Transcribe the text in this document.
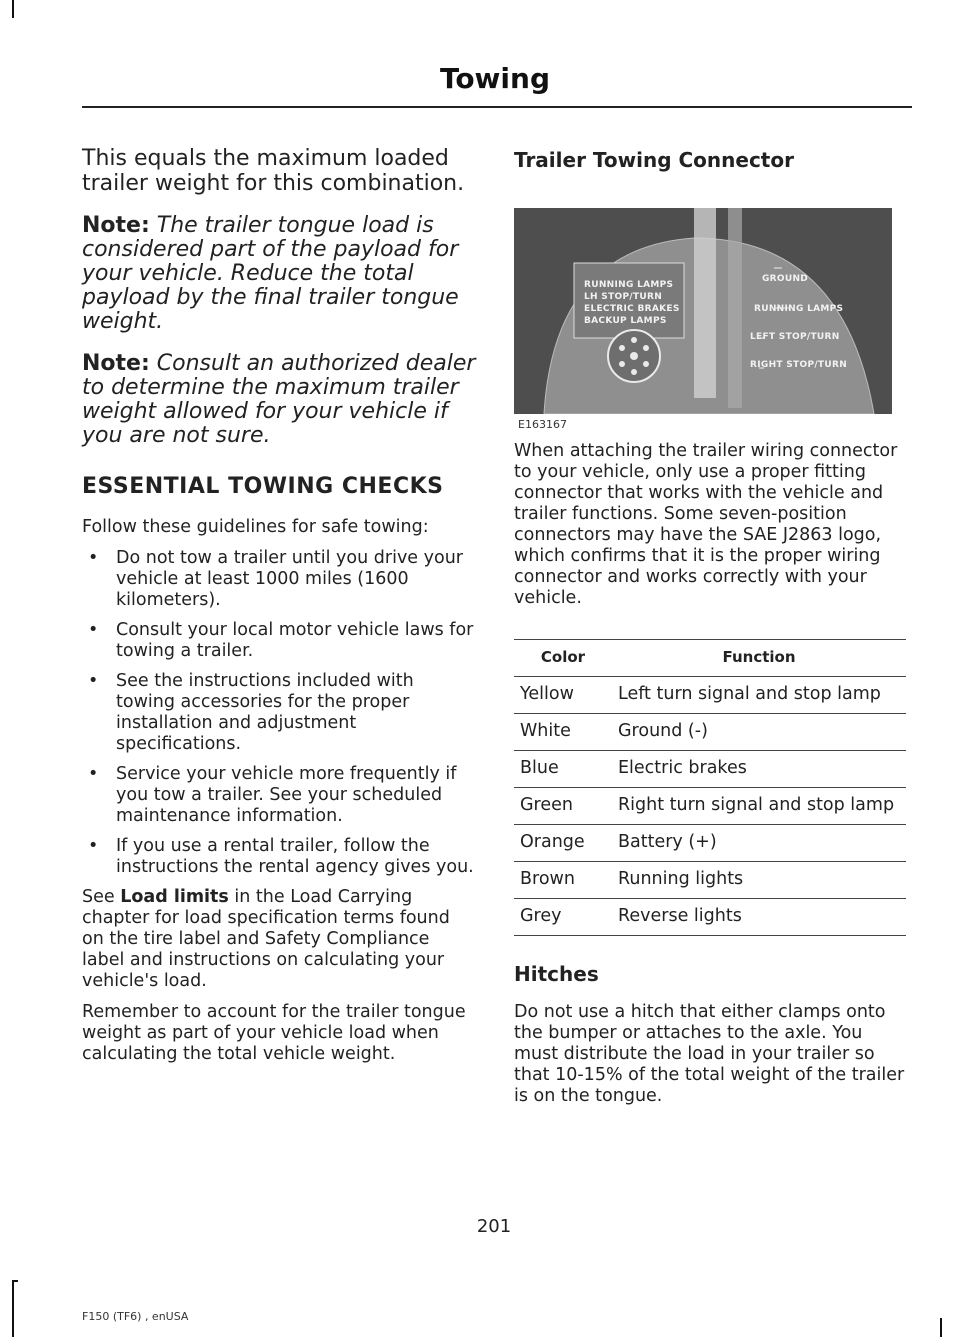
Towing

This equals the maximum loaded trailer weight for this combination.

Note: The trailer tongue load is considered part of the payload for your vehicle. Reduce the total payload by the final trailer tongue weight.

Note: Consult an authorized dealer to determine the maximum trailer weight allowed for your vehicle if you are not sure.

ESSENTIAL TOWING CHECKS

Follow these guidelines for safe towing:

• Do not tow a trailer until you drive your vehicle at least 1000 miles (1600 kilometers).
• Consult your local motor vehicle laws for towing a trailer.
• See the instructions included with towing accessories for the proper installation and adjustment specifications.
• Service your vehicle more frequently if you tow a trailer. See your scheduled maintenance information.
• If you use a rental trailer, follow the instructions the rental agency gives you.

See Load limits in the Load Carrying chapter for load specification terms found on the tire label and Safety Compliance label and instructions on calculating your vehicle's load.

Remember to account for the trailer tongue weight as part of your vehicle load when calculating the total vehicle weight.

Trailer Towing Connector
RUNNING LAMPS
LH STOP/TURN
ELECTRIC BRAKES
BACKUP LAMPS
GROUND
RUNNING LAMPS
LEFT STOP/TURN
RIGHT STOP/TURN
E163167

When attaching the trailer wiring connector to your vehicle, only use a proper fitting connector that works with the vehicle and trailer functions. Some seven-position connectors may have the SAE J2863 logo, which confirms that it is the proper wiring connector and works correctly with your vehicle.

Color	Function
Yellow	Left turn signal and stop lamp
White	Ground (-)
Blue	Electric brakes
Green	Right turn signal and stop lamp
Orange	Battery (+)
Brown	Running lights
Grey	Reverse lights
Hitches

Do not use a hitch that either clamps onto the bumper or attaches to the axle. You must distribute the load in your trailer so that 10-15% of the total weight of the trailer is on the tongue.

201
F150 (TF6) , enUSA
